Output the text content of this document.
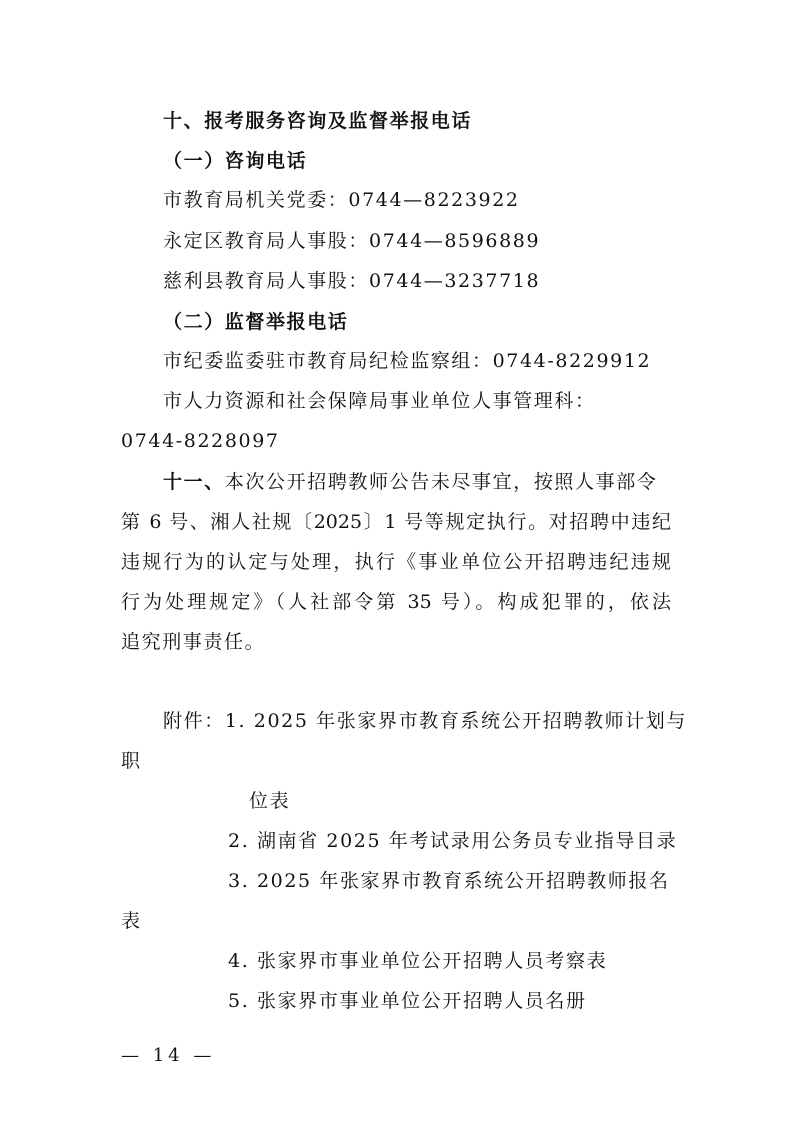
十、报考服务咨询及监督举报电话
（一）咨询电话
市教育局机关党委：0744—8223922
永定区教育局人事股：0744—8596889
慈利县教育局人事股：0744—3237718
（二）监督举报电话
市纪委监委驻市教育局纪检监察组：0744-8229912
市人力资源和社会保障局事业单位人事管理科：
0744-8228097
十一、本次公开招聘教师公告未尽事宜，按照人事部令
第 6 号、湘人社规〔2025〕1 号等规定执行。对招聘中违纪
违规行为的认定与处理，执行《事业单位公开招聘违纪违规
行为处理规定》（人社部令第 35 号）。构成犯罪的，依法
追究刑事责任。
附件：1. 2025 年张家界市教育系统公开招聘教师计划与
职
位表
2. 湖南省 2025 年考试录用公务员专业指导目录
3. 2025 年张家界市教育系统公开招聘教师报名
表
4. 张家界市事业单位公开招聘人员考察表
5. 张家界市事业单位公开招聘人员名册
— 14 —
